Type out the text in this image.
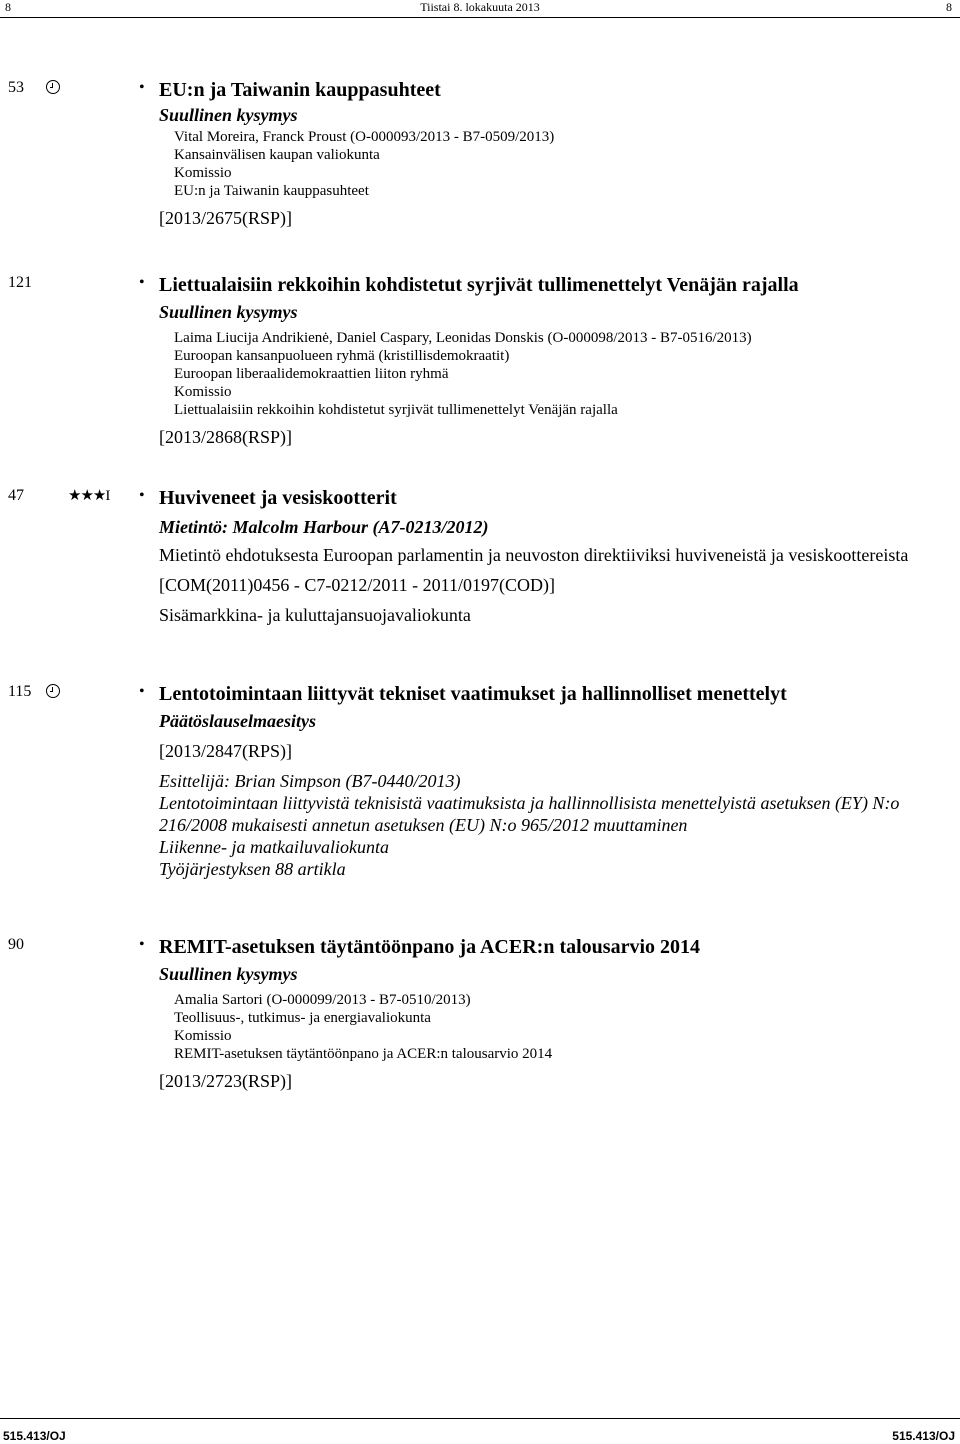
8	Tiistai 8. lokakuuta 2013	8
53	• EU:n ja Taiwanin kauppasuhteet
Suullinen kysymys
Vital Moreira, Franck Proust (O-000093/2013 - B7-0509/2013)
Kansainvälisen kaupan valiokunta
Komissio
EU:n ja Taiwanin kauppasuhteet
[2013/2675(RSP)]
121	• Liettualaisiin rekkoihin kohdistetut syrjivät tullimenettelyt Venäjän rajalla
Suullinen kysymys
Laima Liucija Andrikienė, Daniel Caspary, Leonidas Donskis (O-000098/2013 - B7-0516/2013)
Euroopan kansanpuolueen ryhmä (kristillisdemokraatit)
Euroopan liberaalidemokraattien liiton ryhmä
Komissio
Liettualaisiin rekkoihin kohdistetut syrjivät tullimenettelyt Venäjän rajalla
[2013/2868(RSP)]
47	★★★I • Huviveneet ja vesiskootterit
Mietintö: Malcolm Harbour (A7-0213/2012)
Mietintö ehdotuksesta Euroopan parlamentin ja neuvoston direktiiviksi huviveneistä ja vesiskoottereista
[COM(2011)0456 - C7-0212/2011 - 2011/0197(COD)]
Sisämarkkina- ja kuluttajansuojavaliokunta
115	• Lentotoimintaan liittyvät tekniset vaatimukset ja hallinnolliset menettelyt
Päätöslauselmaesitys
[2013/2847(RPS)]
Esittelijä: Brian Simpson (B7-0440/2013)
Lentotoimintaan liittyvistä teknisistä vaatimuksista ja hallinnollisista menettelyistä asetuksen (EY) N:o 216/2008 mukaisesti annetun asetuksen (EU) N:o 965/2012 muuttaminen
Liikenne- ja matkailuvaliokunta
Työjärjestyksen 88 artikla
90	• REMIT-asetuksen täytäntöönpano ja ACER:n talousarvio 2014
Suullinen kysymys
Amalia Sartori (O-000099/2013 - B7-0510/2013)
Teollisuus-, tutkimus- ja energiavaliokunta
Komissio
REMIT-asetuksen täytäntöönpano ja ACER:n talousarvio 2014
[2013/2723(RSP)]
515.413/OJ	515.413/OJ
